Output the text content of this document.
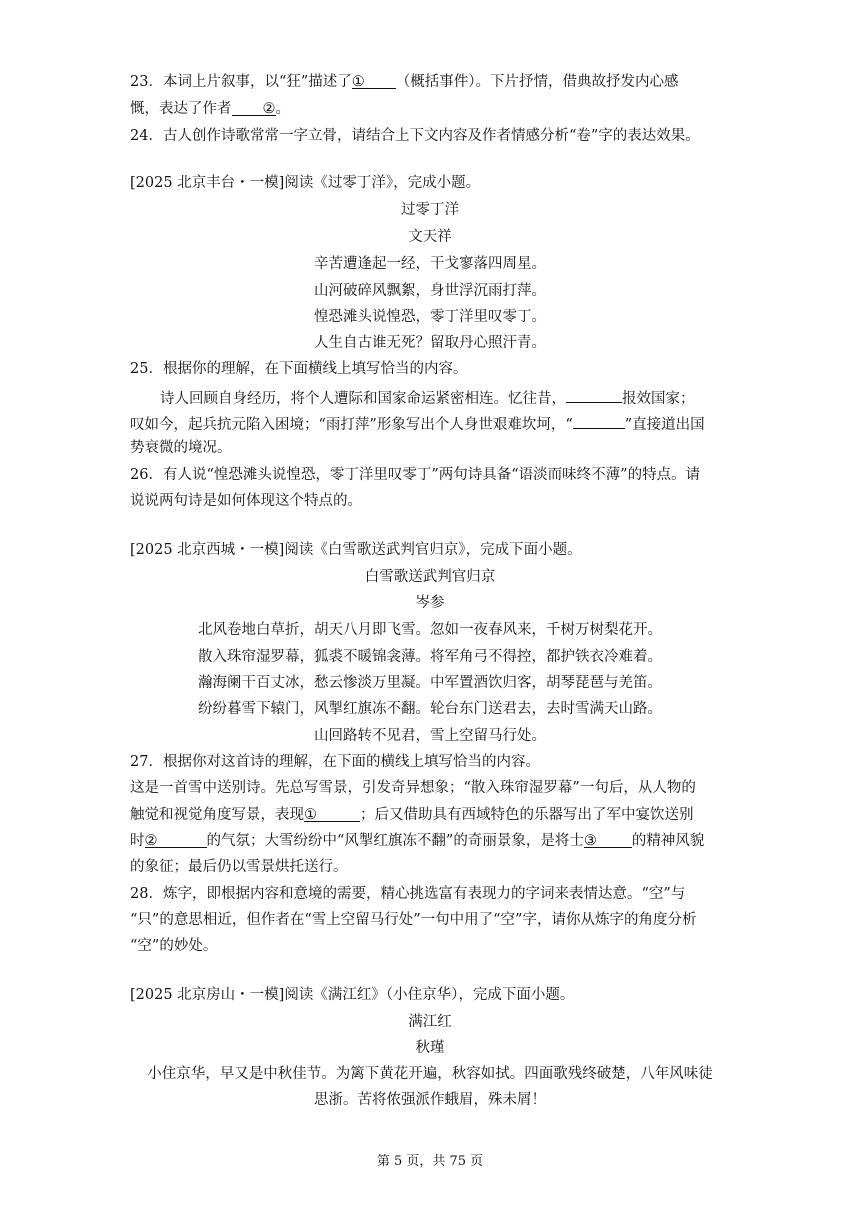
23．本词上片叙事，以“狂”描述了① （概括事件）。下片抒情，借典故抒发内心感
慨，表达了作者 ②。
24．古人创作诗歌常常一字立骨，请结合上下文内容及作者情感分析“卷”字的表达效果。
[2025 北京丰台・一模]阅读《过零丁洋》，完成小题。
过零丁洋
文天祥
辛苦遭逢起一经，干戈寥落四周星。
山河破碎风飘絮，身世浮沉雨打萍。
惶恐滩头说惶恐，零丁洋里叹零丁。
人生自古谁无死？留取丹心照汗青。
25．根据你的理解，在下面横线上填写恰当的内容。
诗人回顾自身经历，将个人遭际和国家命运紧密相连。忆往昔，	报效国家；
叹如今，起兵抗元陷入困境；“雨打萍”形象写出个人身世艰难坎坷，“	”直接道出国
势衰微的境况。
26．有人说“惶恐滩头说惶恐，零丁洋里叹零丁”两句诗具备“语淡而味终不薄”的特点。请
说说两句诗是如何体现这个特点的。
[2025 北京西城・一模]阅读《白雪歌送武判官归京》，完成下面小题。
白雪歌送武判官归京
岑参
北风卷地白草折，胡天八月即飞雪。忽如一夜春风来，千树万树梨花开。
散入珠帘湿罗幕，狐裘不暖锦衾薄。将军角弓不得控，都护铁衣冷难着。
瀚海阑干百丈冰，愁云惨淡万里凝。中军置酒饮归客，胡琴琵琶与羌笛。
纷纷暮雪下辕门，风掣红旗冻不翻。轮台东门送君去，去时雪满天山路。
山回路转不见君，雪上空留马行处。
27．根据你对这首诗的理解，在下面的横线上填写恰当的内容。
这是一首雪中送别诗。先总写雪景，引发奇异想象；“散入珠帘湿罗幕”一句后，从人物的
触觉和视觉角度写景，表现①	；后又借助具有西域特色的乐器写出了军中宴饮送别
时②	的气氛；大雪纷纷中“风掣红旗冻不翻”的奇丽景象，是将士③ 的精神风貌
的象征；最后仍以雪景烘托送行。
28．炼字，即根据内容和意境的需要，精心挑选富有表现力的字词来表情达意。“空”与
“只”的意思相近，但作者在“雪上空留马行处”一句中用了“空”字，请你从炼字的角度分析
“空”的妙处。
[2025 北京房山・一模]阅读《满江红》（小住京华），完成下面小题。
满江红
秋瑾
小住京华，早又是中秋佳节。为篱下黄花开遍，秋容如拭。四面歌残终破楚，八年风味徒
思浙。苦将侬强派作蛾眉，殊未屑！
第 5 页，共 75 页
